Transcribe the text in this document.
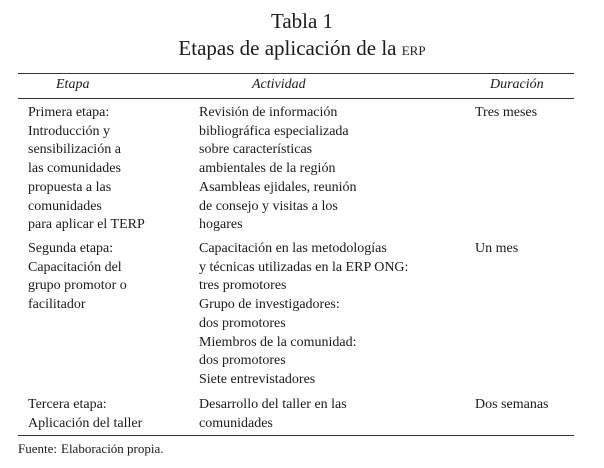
Tabla 1
Etapas de aplicación de la erp
Etapa	Actividad	Duración
Primera etapa:
Introducción y
sensibilización a
las comunidades
propuesta a las
comunidades
para aplicar el TERP
Revisión de información
bibliográfica especializada
sobre características
ambientales de la región
Asambleas ejidales, reunión
de consejo y visitas a los
hogares
Tres meses
Segunda etapa:
Capacitación del
grupo promotor o
facilitador
Capacitación en las metodologías
y técnicas utilizadas en la ERP ONG:
tres promotores
Grupo de investigadores:
dos promotores
Miembros de la comunidad:
dos promotores
Siete entrevistadores
Un mes
Tercera etapa:
Aplicación del taller
Desarrollo del taller en las
comunidades
Dos semanas
Fuente: Elaboración propia.
